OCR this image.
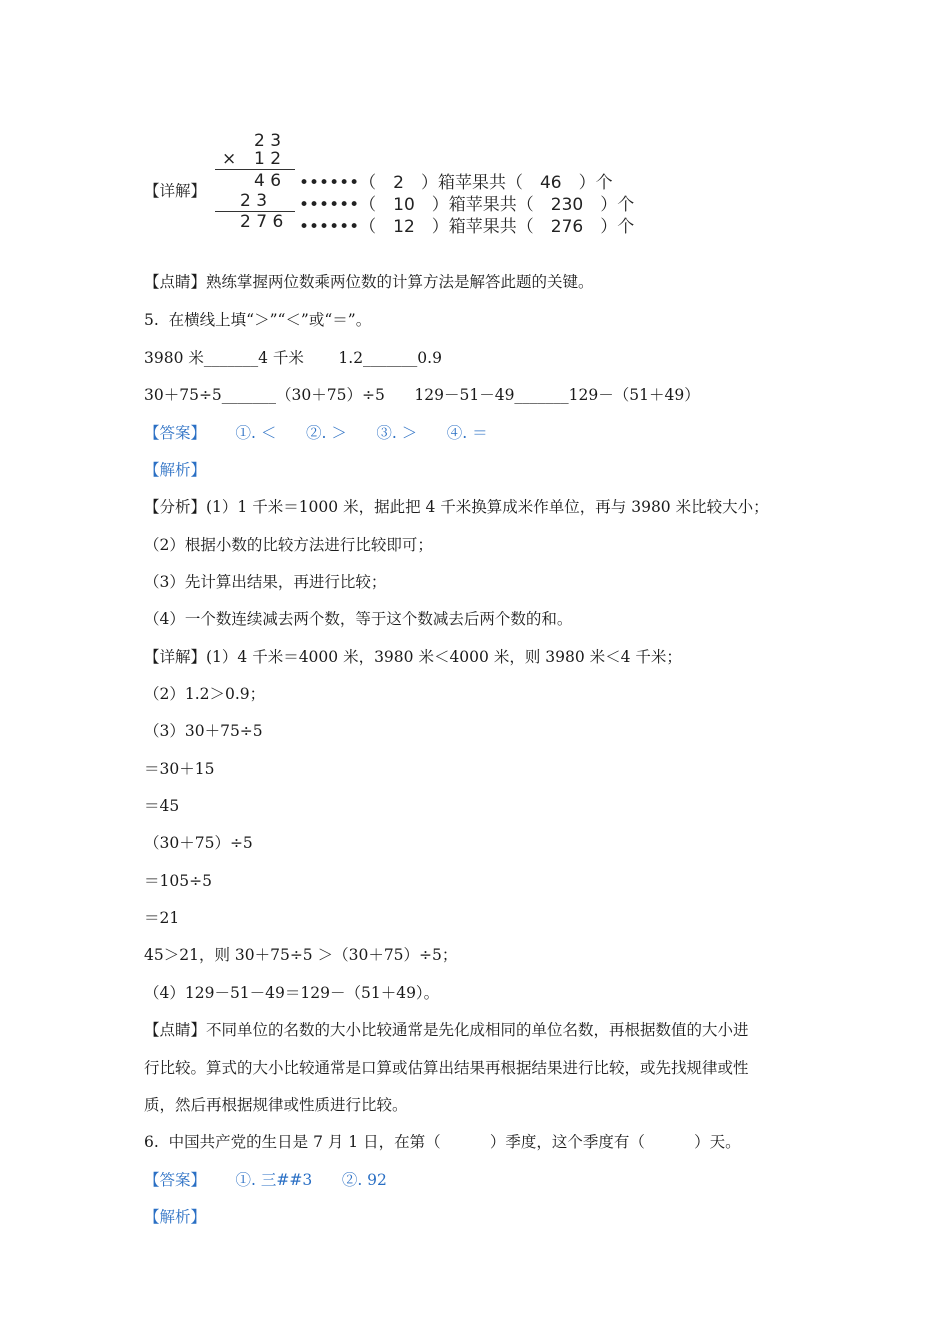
【详解】
2 3
× 1 2
4 6
2 3
2 7 6
••••••（　2　）箱苹果共（　46　）个
••••••（　10　）箱苹果共（　230　）个
••••••（　12　）箱苹果共（　276　）个
【点睛】熟练掌握两位数乘两位数的计算方法是解答此题的关键。
5.  在横线上填“＞”“＜”或“＝”。
3980 米_______4 千米       1.2_______0.9
30＋75÷5_______（30＋75）÷5      129－51－49_______129－（51＋49）
【答案】      ①. ＜      ②. ＞      ③. ＞      ④. ＝
【解析】
【分析】(1）1 千米＝1000 米，据此把 4 千米换算成米作单位，再与 3980 米比较大小；
（2）根据小数的比较方法进行比较即可；
（3）先计算出结果，再进行比较；
（4）一个数连续减去两个数，等于这个数减去后两个数的和。
【详解】(1）4 千米＝4000 米，3980 米＜4000 米，则 3980 米＜4 千米；
（2）1.2＞0.9；
（3）30＋75÷5
＝30＋15
＝45
（30＋75）÷5
＝105÷5
＝21
45＞21，则 30＋75÷5 ＞（30＋75）÷5；
（4）129－51－49＝129－（51＋49）。
【点睛】不同单位的名数的大小比较通常是先化成相同的单位名数，再根据数值的大小进
行比较。算式的大小比较通常是口算或估算出结果再根据结果进行比较，或先找规律或性
质，然后再根据规律或性质进行比较。
6.  中国共产党的生日是 7 月 1 日，在第（          ）季度，这个季度有（          ）天。
【答案】      ①. 三##3      ②. 92
【解析】
